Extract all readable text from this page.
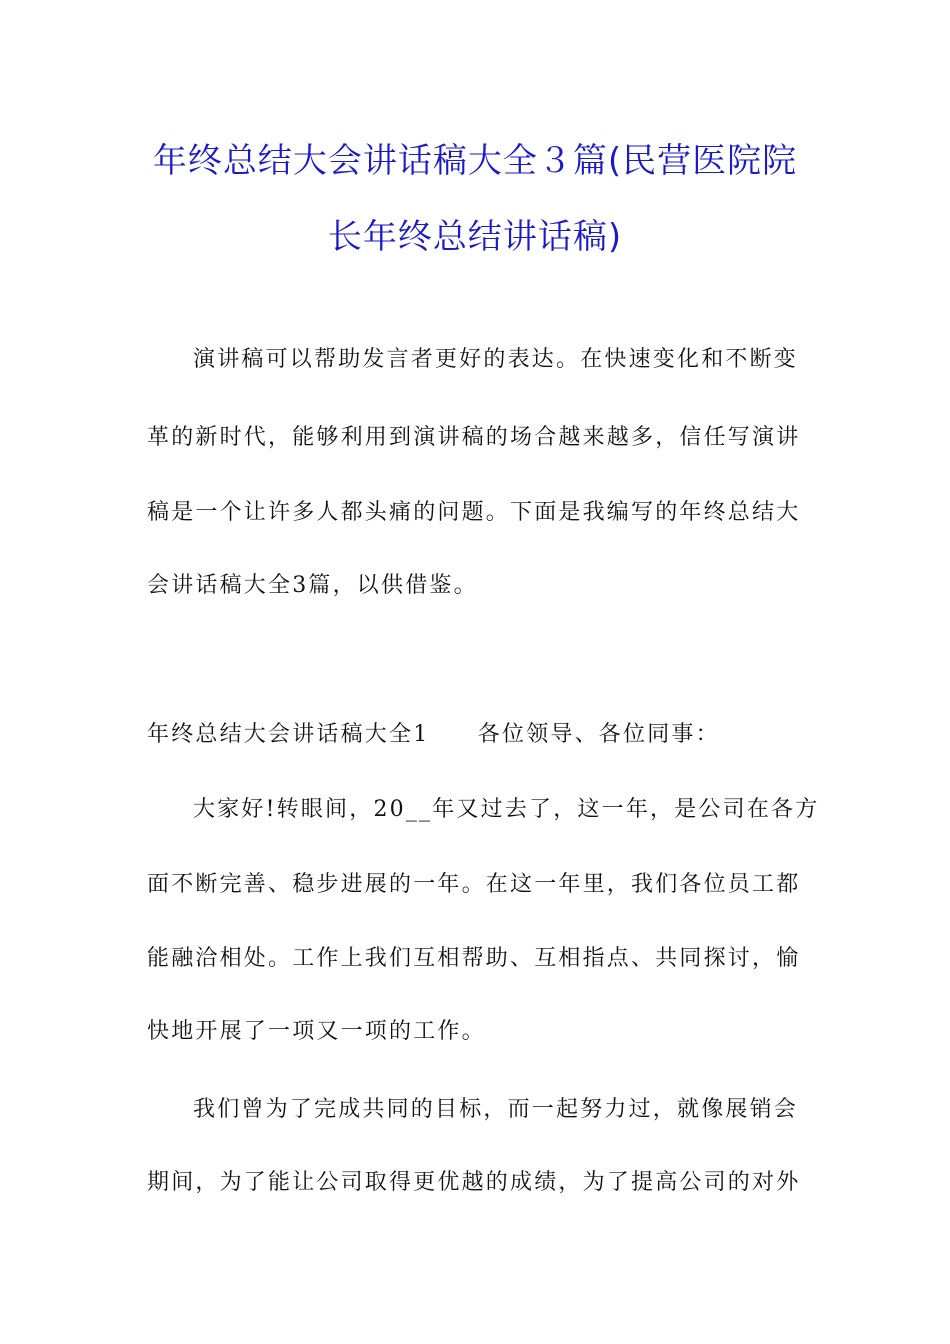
年终总结大会讲话稿大全３篇(民营医院院
长年终总结讲话稿)
演讲稿可以帮助发言者更好的表达。在快速变化和不断变
革的新时代，能够利用到演讲稿的场合越来越多，信任写演讲
稿是一个让许多人都头痛的问题。下面是我编写的年终总结大
会讲话稿大全3篇，以供借鉴。
年终总结大会讲话稿大全1　　各位领导、各位同事：
大家好!转眼间，20__年又过去了，这一年，是公司在各方
面不断完善、稳步进展的一年。在这一年里，我们各位员工都
能融洽相处。工作上我们互相帮助、互相指点、共同探讨，愉
快地开展了一项又一项的工作。
我们曾为了完成共同的目标，而一起努力过，就像展销会
期间，为了能让公司取得更优越的成绩，为了提高公司的对外
